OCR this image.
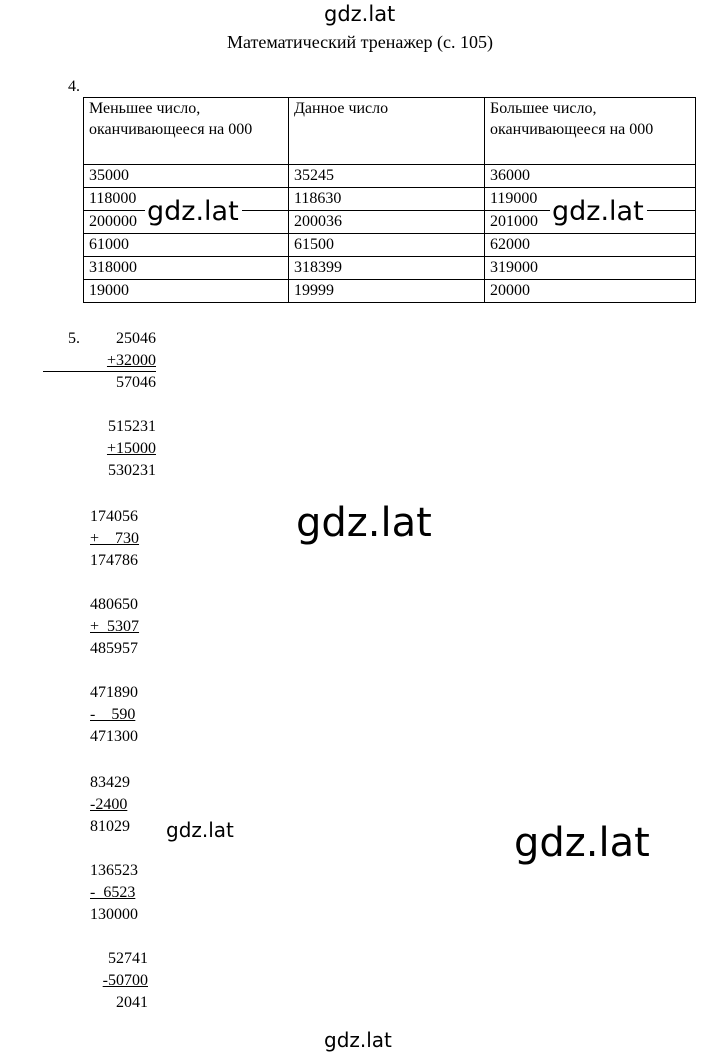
gdz.lat
Математический тренажер (с. 105)
4.
Меньшее число, оканчивающееся на 000	Данное число	Большее число, оканчивающееся на 000
35000	35245	36000
118000	118630	119000
200000	200036	201000
61000	61500	62000
318000	318399	319000
19000	19999	20000
gdz.lat	gdz.lat
5.	25046
+32000
57046
515231
+15000
530231
174056
+    730
174786
480650
+  5307
485957
471890
-    590
471300
83429
-2400
81029
136523
-  6523
130000
52741
-50700
2041
gdz.lat
gdz.lat	gdz.lat
gdz.lat
